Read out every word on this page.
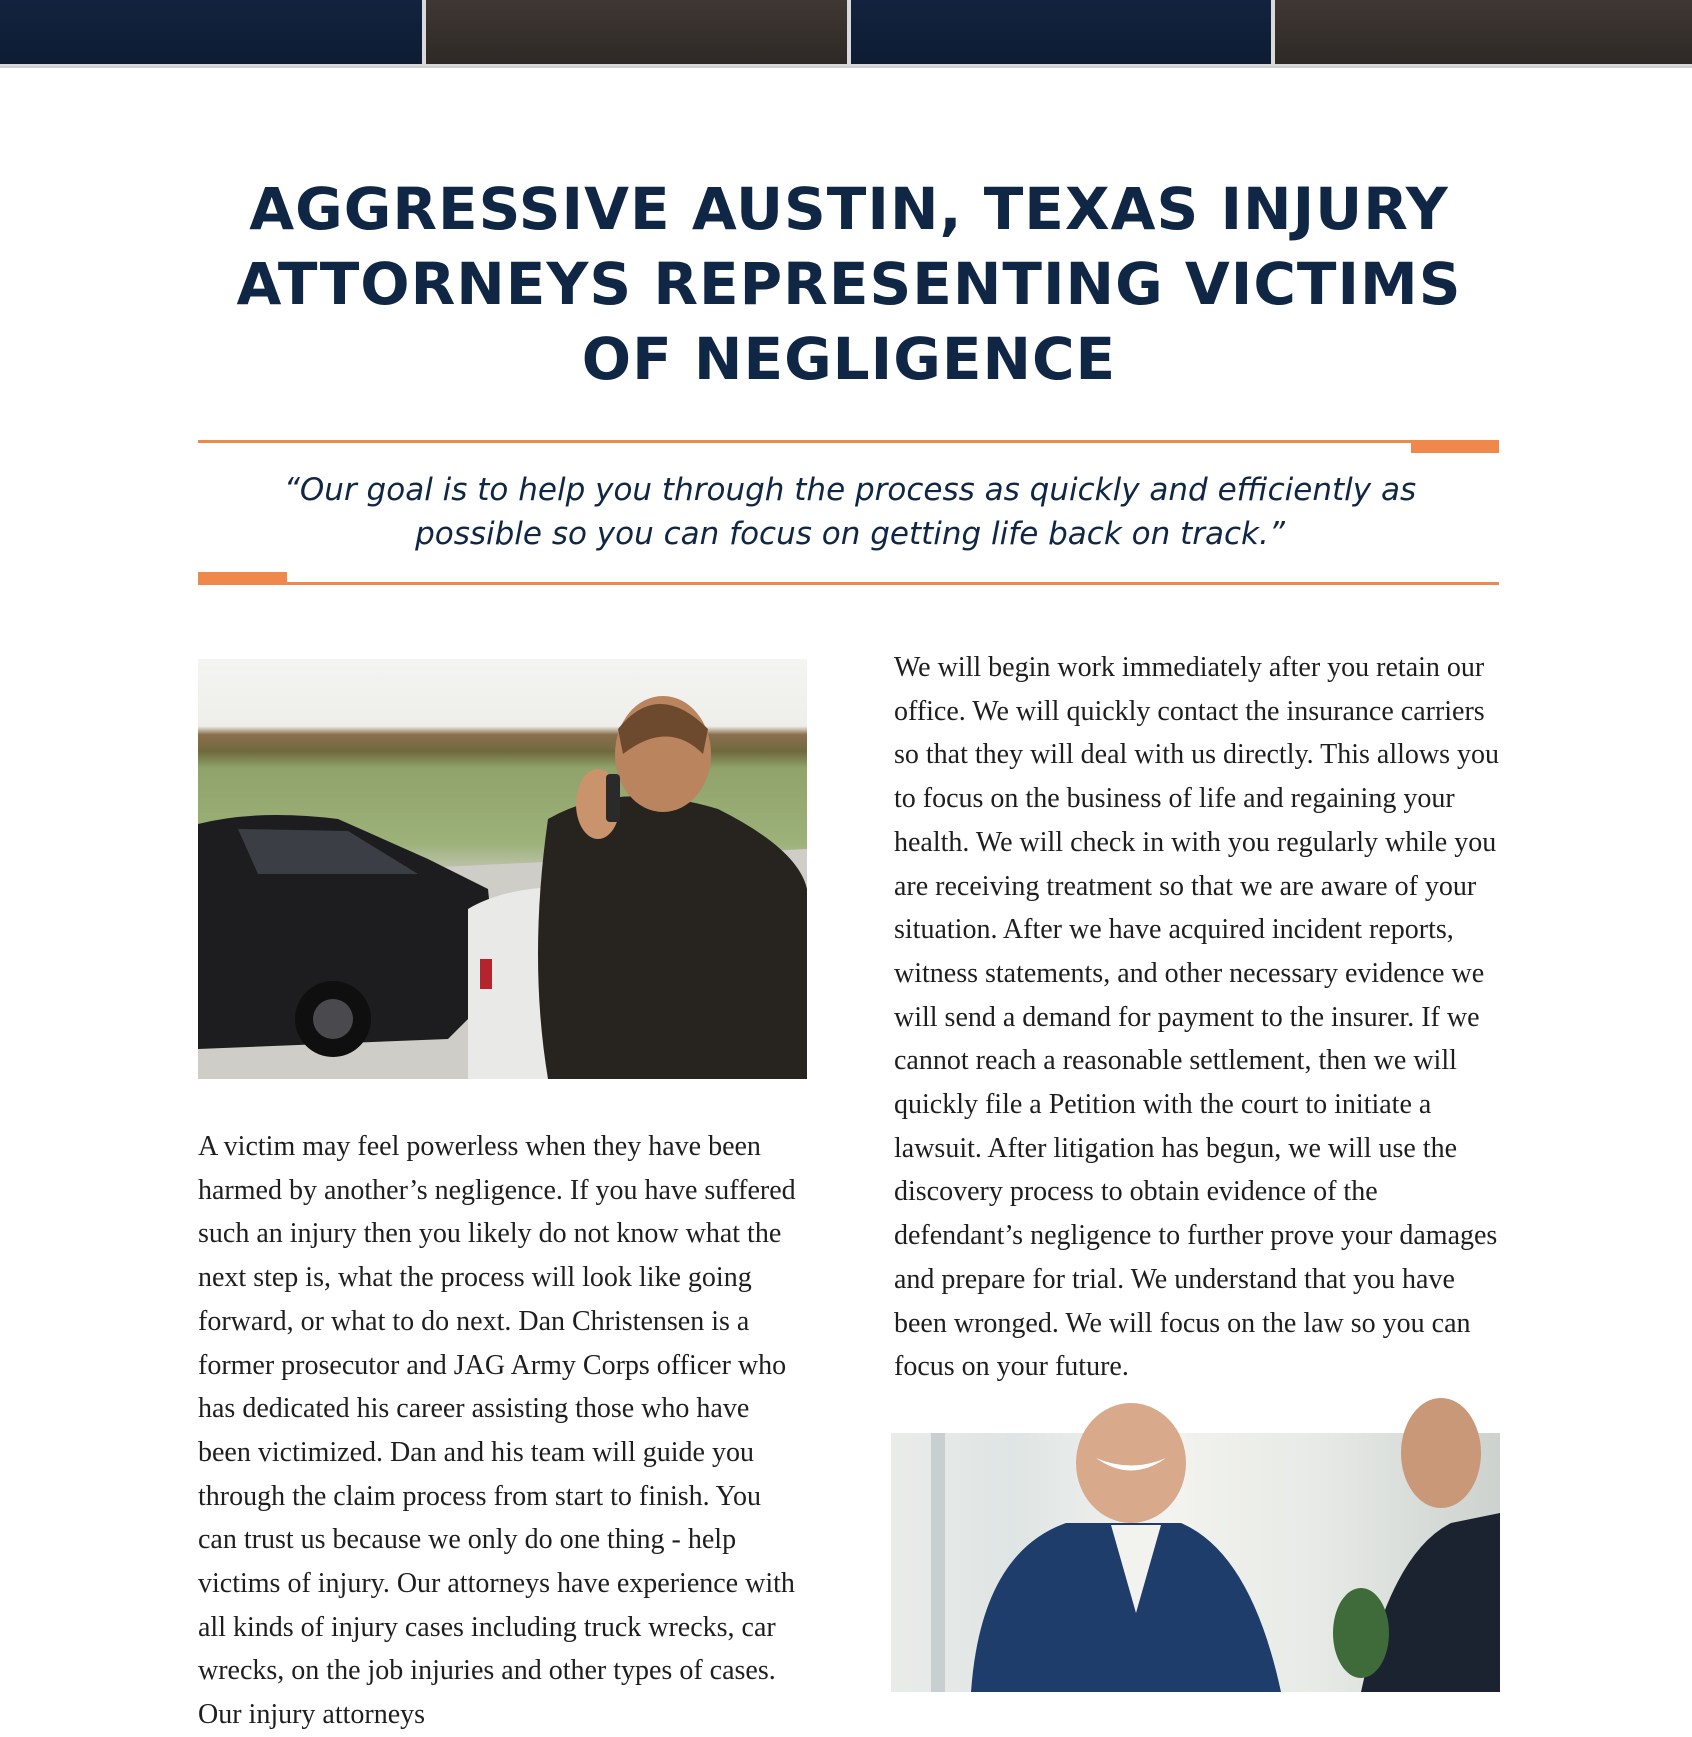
AGGRESSIVE AUSTIN, TEXAS INJURY ATTORNEYS REPRESENTING VICTIMS OF NEGLIGENCE

“Our goal is to help you through the process as quickly and efficiently as possible so you can focus on getting life back on track.”

A victim may feel powerless when they have been harmed by another’s negligence. If you have suffered such an injury then you likely do not know what the next step is, what the process will look like going forward, or what to do next. Dan Christensen is a former prosecutor and JAG Army Corps officer who has dedicated his career assisting those who have been victimized. Dan and his team will guide you through the claim process from start to finish. You can trust us because we only do one thing - help victims of injury. Our attorneys have experience with all kinds of injury cases including truck wrecks, car wrecks, on the job injuries and other types of cases. Our injury attorneys

We will begin work immediately after you retain our office. We will quickly contact the insurance carriers so that they will deal with us directly. This allows you to focus on the business of life and regaining your health. We will check in with you regularly while you are receiving treatment so that we are aware of your situation. After we have acquired incident reports, witness statements, and other necessary evidence we will send a demand for payment to the insurer. If we cannot reach a reasonable settlement, then we will quickly file a Petition with the court to initiate a lawsuit. After litigation has begun, we will use the discovery process to obtain evidence of the defendant’s negligence to further prove your damages and prepare for trial. We understand that you have been wronged. We will focus on the law so you can focus on your future.
